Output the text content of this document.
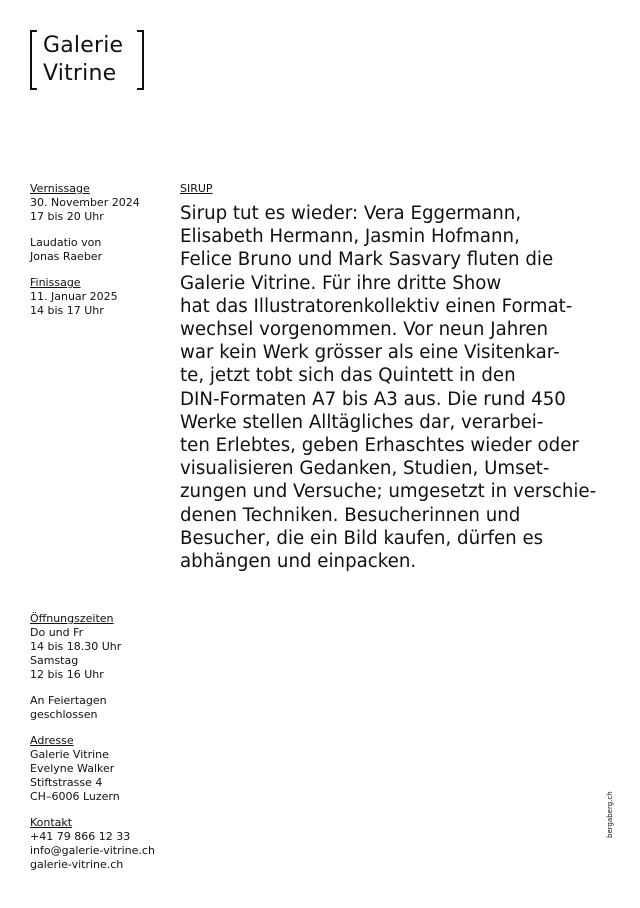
Galerie
Vitrine

Vernissage

30. November 2024

17 bis 20 Uhr

Laudatio von

Jonas Raeber

Finissage

11. Januar 2025

14 bis 17 Uhr

SIRUP

Sirup tut es wieder: Vera Eggermann,

Elisabeth Hermann, Jasmin Hofmann,

Felice Bruno und Mark Sasvary fluten die

Galerie Vitrine. Für ihre dritte Show

hat das Illustratorenkollektiv einen Format-

wechsel vorgenommen. Vor neun Jahren

war kein Werk grösser als eine Visitenkar-

te, jetzt tobt sich das Quintett in den

DIN-Formaten A7 bis A3 aus. Die rund 450

Werke stellen Alltägliches dar, verarbei-

ten Erlebtes, geben Erhaschtes wieder oder

visualisieren Gedanken, Studien, Umset-

zungen und Versuche; umgesetzt in verschie-

denen Techniken. Besucherinnen und

Besucher, die ein Bild kaufen, dürfen es

abhängen und einpacken.

Öffnungszeiten

Do und Fr

14 bis 18.30 Uhr

Samstag

12 bis 16 Uhr

An Feiertagen

geschlossen

Adresse

Galerie Vitrine

Evelyne Walker

Stiftstrasse 4

CH–6006 Luzern

Kontakt

+41 79 866 12 33

info@galerie-vitrine.ch

galerie-vitrine.ch

bergaberg.ch
